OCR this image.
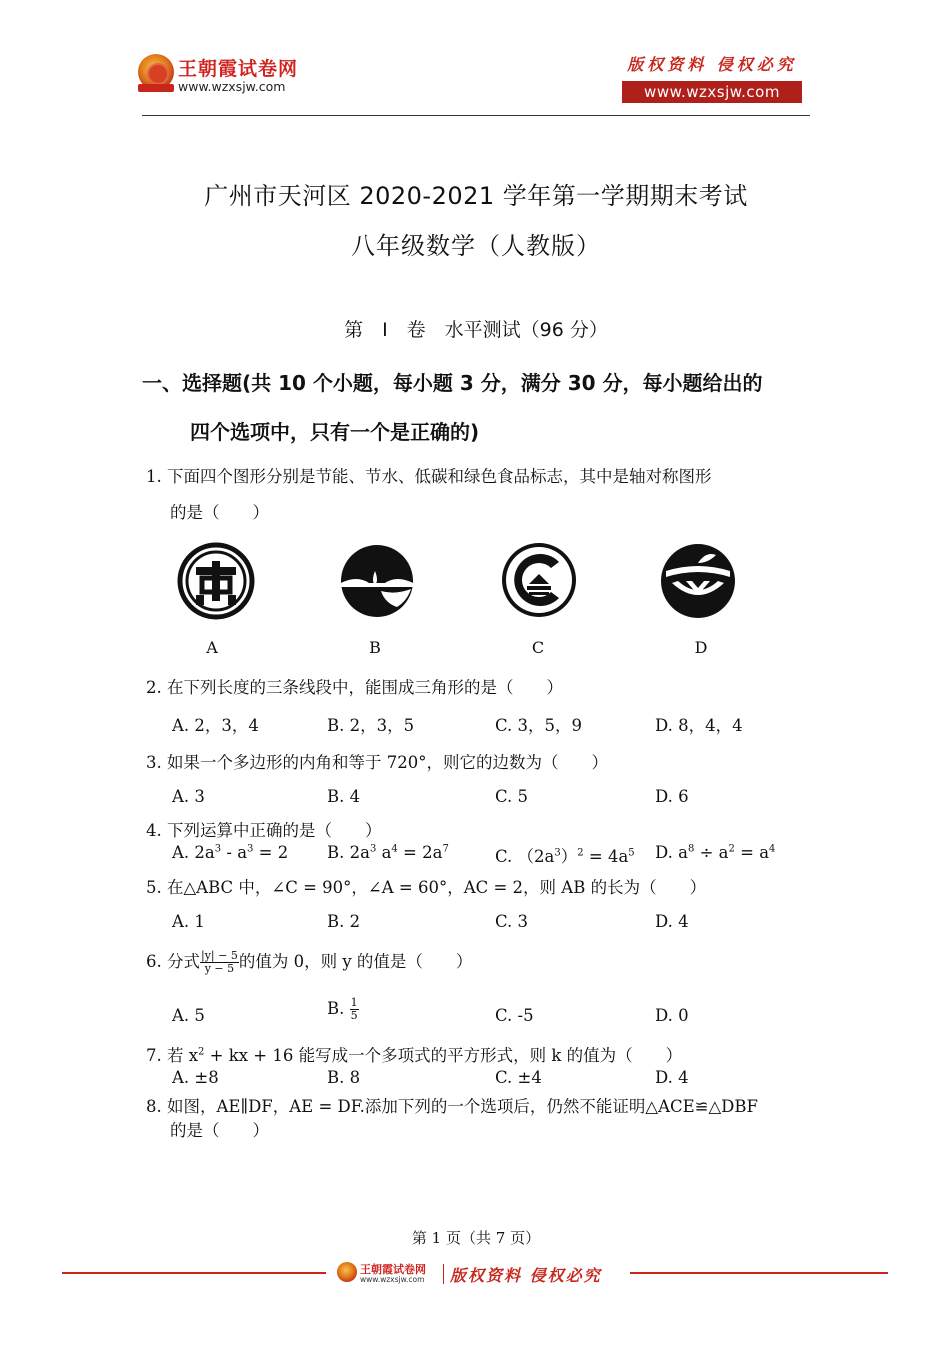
王朝霞试卷网
www.wzxsjw.com
版权资料 侵权必究
www.wzxsjw.com
广州市天河区 2020-2021 学年第一学期期末考试
八年级数学（人教版）
第　Ⅰ　卷　水平测试（96 分）
一、选择题(共 10 个小题，每小题 3 分，满分 30 分，每小题给出的
四个选项中，只有一个是正确的)
1. 下面四个图形分别是节能、节水、低碳和绿色食品标志，其中是轴对称图形
的是（　　）
A	B	C	D
2. 在下列长度的三条线段中，能围成三角形的是（　　）
A. 2，3，4	B. 2，3，5	C. 3，5，9	D. 8，4，4
3. 如果一个多边形的内角和等于 720°，则它的边数为（　　）
A. 3	B. 4	C. 5	D. 6
4. 下列运算中正确的是（　　）
A. $2a^3 - a^3 = 2$ B. $2a^3$ $a^4 = 2a^7$	C. $(2a^3)^2 = 4a^5$ D. $a^8 \div a^2 = a^4$
5. 在△ABC 中，∠C = 90°，∠A = 60°，AC = 2，则 AB 的长为（　　）
A. 1	B. 2	C. 3	D. 4
6. 分式 $\frac{|y| - 5}{y - 5}$ 的值为 0，则 y 的值是（　　）
A. 5	B. $\frac{1}{5}$	C. -5	D. 0
7. 若 $x^2$ + kx + 16 能写成一个多项式的平方形式，则 k 的值为（　　）
A. ±8	B. 8	C. ±4	D. 4
8. 如图，AE∥DF，AE = DF.添加下列的一个选项后，仍然不能证明△ACE≌△DBF
的是（　　）
第 1 页（共 7 页）
王朝霞试卷网
www.wzxsjw.com 版权资料 侵权必究
